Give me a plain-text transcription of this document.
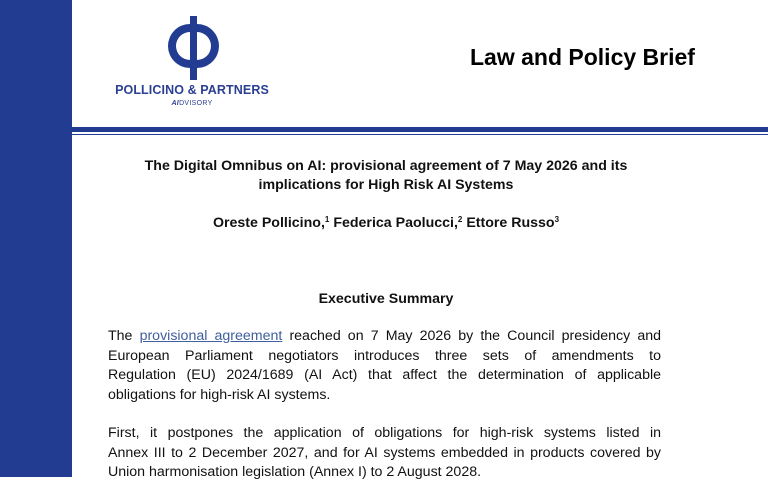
POLLICINO & PARTNERS
AIDVISORY
Law and Policy Brief
The Digital Omnibus on AI: provisional agreement of 7 May 2026 and its
implications for High Risk AI Systems
Oreste Pollicino,$^1$ Federica Paolucci,$^2$ Ettore Russo$^3$
Executive Summary
The provisional agreement reached on 7 May 2026 by the Council presidency and
European Parliament negotiators introduces three sets of amendments to
Regulation (EU) 2024/1689 (AI Act) that affect the determination of applicable
obligations for high-risk AI systems.
First, it postpones the application of obligations for high-risk systems listed in
Annex III to 2 December 2027, and for AI systems embedded in products covered by
Union harmonisation legislation (Annex I) to 2 August 2028.
